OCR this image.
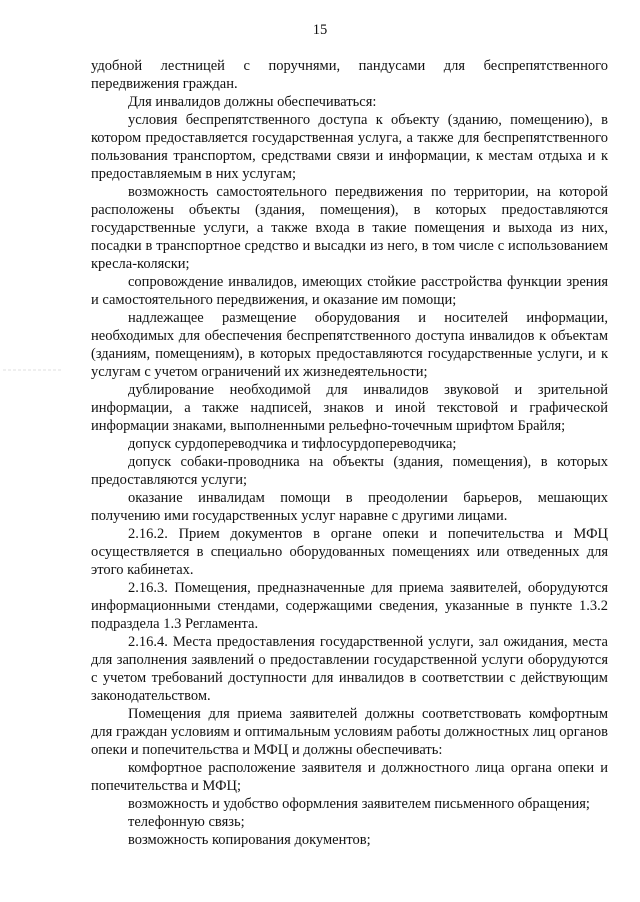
15

удобной лестницей с поручнями, пандусами для беспрепятственного передвижения граждан.

Для инвалидов должны обеспечиваться:

условия беспрепятственного доступа к объекту (зданию, помещению), в котором предоставляется государственная услуга, а также для беспрепятственного пользования транспортом, средствами связи и информации, к местам отдыха и к предоставляемым в них услугам;

возможность самостоятельного передвижения по территории, на которой расположены объекты (здания, помещения), в которых предоставляются государственные услуги, а также входа в такие помещения и выхода из них, посадки в транспортное средство и высадки из него, в том числе с использованием кресла-коляски;

сопровождение инвалидов, имеющих стойкие расстройства функции зрения и самостоятельного передвижения, и оказание им помощи;

надлежащее размещение оборудования и носителей информации, необходимых для обеспечения беспрепятственного доступа инвалидов к объектам (зданиям, помещениям), в которых предоставляются государственные услуги, и к услугам с учетом ограничений их жизнедеятельности;

дублирование необходимой для инвалидов звуковой и зрительной информации, а также надписей, знаков и иной текстовой и графической информации знаками, выполненными рельефно-точечным шрифтом Брайля;

допуск сурдопереводчика и тифлосурдопереводчика;

допуск собаки-проводника на объекты (здания, помещения), в которых предоставляются услуги;

оказание инвалидам помощи в преодолении барьеров, мешающих получению ими государственных услуг наравне с другими лицами.

2.16.2. Прием документов в органе опеки и попечительства и МФЦ осуществляется в специально оборудованных помещениях или отведенных для этого кабинетах.

2.16.3. Помещения, предназначенные для приема заявителей, оборудуются информационными стендами, содержащими сведения, указанные в пункте 1.3.2 подраздела 1.3 Регламента.

2.16.4. Места предоставления государственной услуги, зал ожидания, места для заполнения заявлений о предоставлении государственной услуги оборудуются с учетом требований доступности для инвалидов в соответствии с действующим законодательством.

Помещения для приема заявителей должны соответствовать комфортным для граждан условиям и оптимальным условиям работы должностных лиц органов опеки и попечительства и МФЦ и должны обеспечивать:

комфортное расположение заявителя и должностного лица органа опеки и попечительства и МФЦ;

возможность и удобство оформления заявителем письменного обращения;

телефонную связь;

возможность копирования документов;
